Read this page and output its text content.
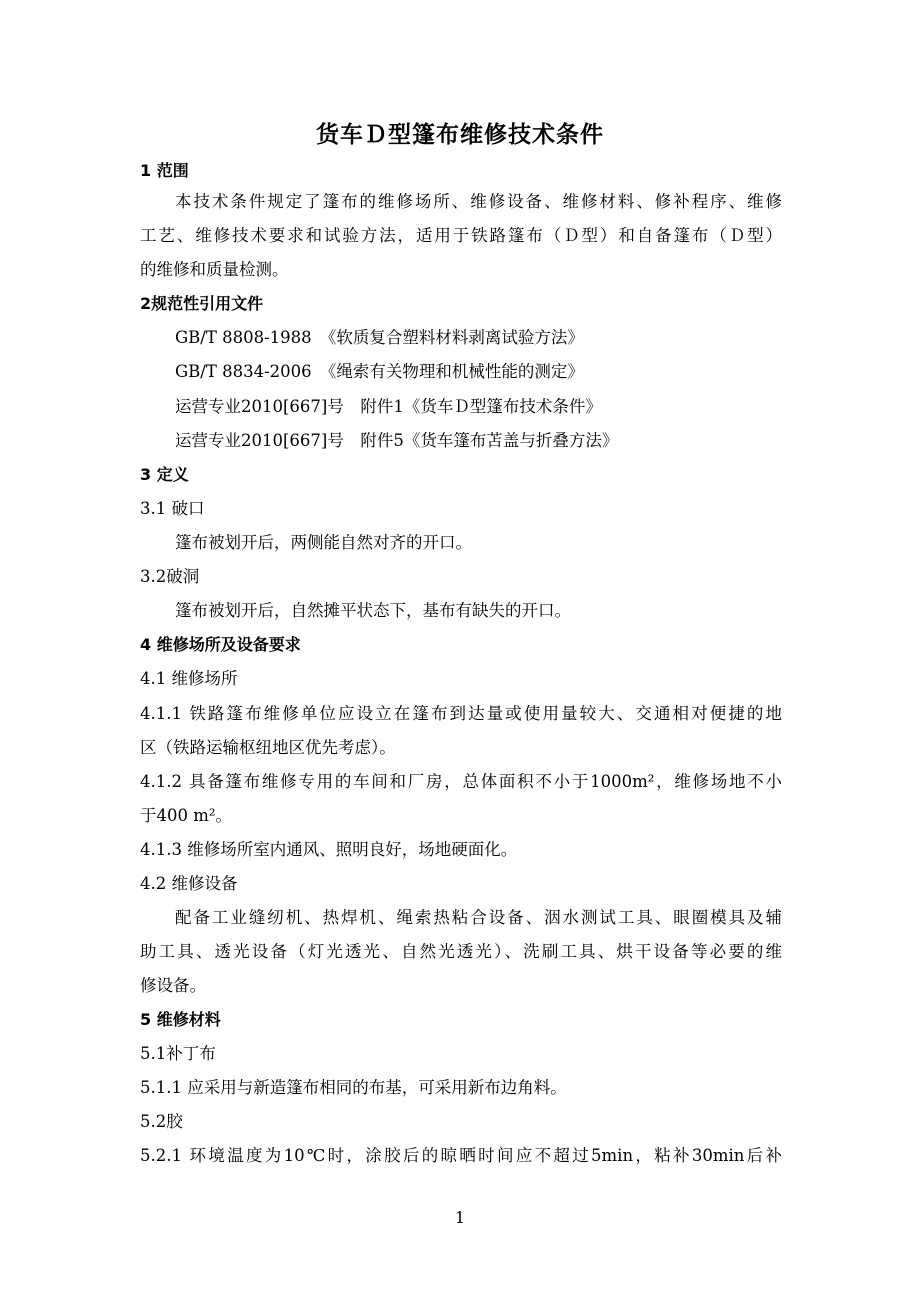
货车Ｄ型篷布维修技术条件
1 范围
本技术条件规定了篷布的维修场所、维修设备、维修材料、修补程序、维修
工艺、维修技术要求和试验方法，适用于铁路篷布（Ｄ型）和自备篷布（Ｄ型）
的维修和质量检测。
2规范性引用文件
GB/T 8808-1988　《软质复合塑料材料剥离试验方法》
GB/T 8834-2006　《绳索有关物理和机械性能的测定》
运营专业2010[667]号　附件1《货车Ｄ型篷布技术条件》
运营专业2010[667]号　附件5《货车篷布苫盖与折叠方法》
3 定义
3.1 破口
篷布被划开后，两侧能自然对齐的开口。
3.2破洞
篷布被划开后，自然摊平状态下，基布有缺失的开口。
4 维修场所及设备要求
4.1 维修场所
4.1.1 铁路篷布维修单位应设立在篷布到达量或使用量较大、交通相对便捷的地
区（铁路运输枢纽地区优先考虑）。
4.1.2 具备篷布维修专用的车间和厂房，总体面积不小于1000m²，维修场地不小
于400 m²。
4.1.3 维修场所室内通风、照明良好，场地硬面化。
4.2 维修设备
配备工业缝纫机、热焊机、绳索热粘合设备、洇水测试工具、眼圈模具及辅
助工具、透光设备（灯光透光、自然光透光）、洗刷工具、烘干设备等必要的维
修设备。
5 维修材料
5.1补丁布
5.1.1 应采用与新造篷布相同的布基，可采用新布边角料。
5.2胶
5.2.1 环境温度为10℃时，涂胶后的晾晒时间应不超过5min，粘补30min后补
1
